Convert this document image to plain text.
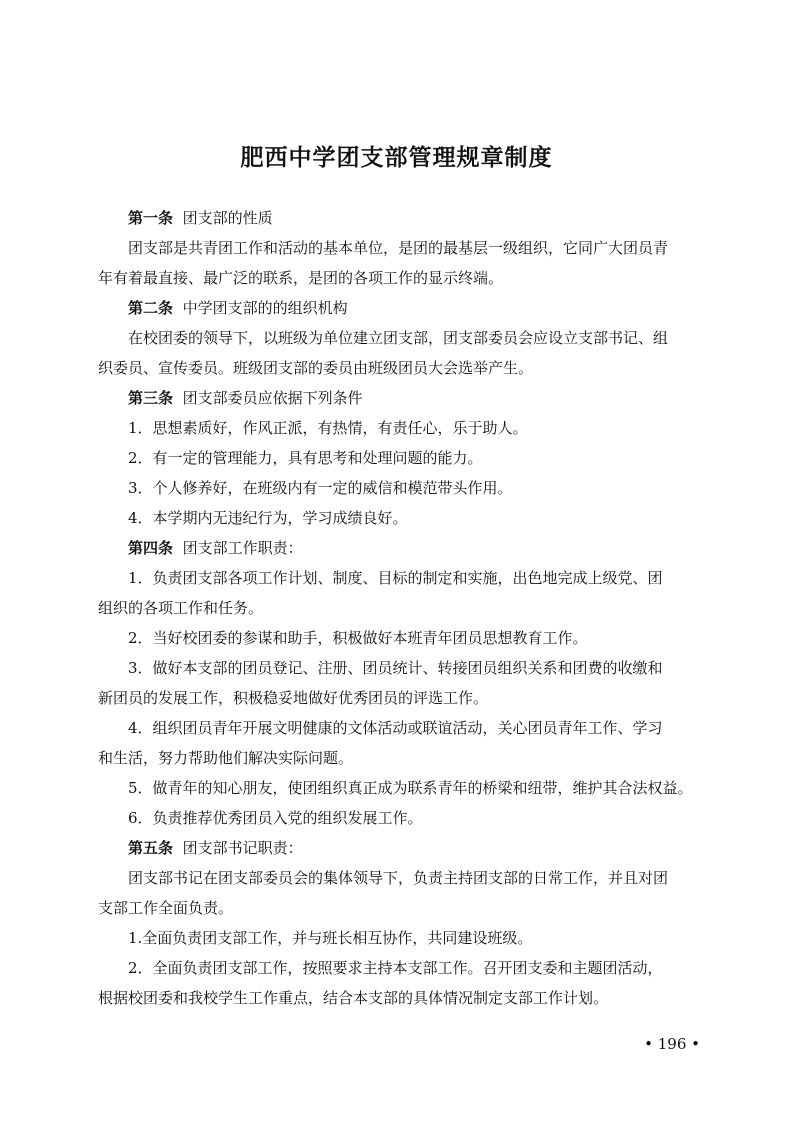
肥西中学团支部管理规章制度
第一条 团支部的性质
团支部是共青团工作和活动的基本单位，是团的最基层一级组织，它同广大团员青
年有着最直接、最广泛的联系，是团的各项工作的显示终端。
第二条 中学团支部的的组织机构
在校团委的领导下，以班级为单位建立团支部，团支部委员会应设立支部书记、组
织委员、宣传委员。班级团支部的委员由班级团员大会选举产生。
第三条 团支部委员应依据下列条件
1．思想素质好，作风正派，有热情，有责任心，乐于助人。
2．有一定的管理能力，具有思考和处理问题的能力。
3．个人修养好，在班级内有一定的威信和模范带头作用。
4．本学期内无违纪行为，学习成绩良好。
第四条 团支部工作职责：
1．负责团支部各项工作计划、制度、目标的制定和实施，出色地完成上级党、团
组织的各项工作和任务。
2．当好校团委的参谋和助手，积极做好本班青年团员思想教育工作。
3．做好本支部的团员登记、注册、团员统计、转接团员组织关系和团费的收缴和
新团员的发展工作，积极稳妥地做好优秀团员的评选工作。
4．组织团员青年开展文明健康的文体活动或联谊活动，关心团员青年工作、学习
和生活，努力帮助他们解决实际问题。
5．做青年的知心朋友，使团组织真正成为联系青年的桥梁和纽带，维护其合法权益。
6．负责推荐优秀团员入党的组织发展工作。
第五条 团支部书记职责：
团支部书记在团支部委员会的集体领导下，负责主持团支部的日常工作，并且对团
支部工作全面负责。
1.全面负责团支部工作，并与班长相互协作，共同建设班级。
2．全面负责团支部工作，按照要求主持本支部工作。召开团支委和主题团活动，
根据校团委和我校学生工作重点，结合本支部的具体情况制定支部工作计划。
• 196 •
